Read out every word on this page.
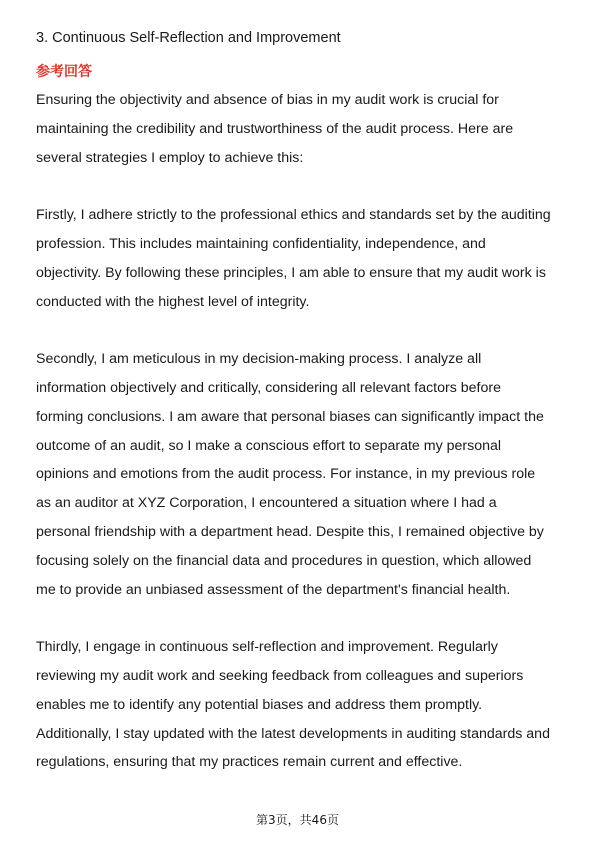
3. Continuous Self-Reflection and Improvement
参考回答
Ensuring the objectivity and absence of bias in my audit work is crucial for
maintaining the credibility and trustworthiness of the audit process. Here are
several strategies I employ to achieve this:
Firstly, I adhere strictly to the professional ethics and standards set by the auditing
profession. This includes maintaining confidentiality, independence, and
objectivity. By following these principles, I am able to ensure that my audit work is
conducted with the highest level of integrity.
Secondly, I am meticulous in my decision-making process. I analyze all
information objectively and critically, considering all relevant factors before
forming conclusions. I am aware that personal biases can significantly impact the
outcome of an audit, so I make a conscious effort to separate my personal
opinions and emotions from the audit process. For instance, in my previous role
as an auditor at XYZ Corporation, I encountered a situation where I had a
personal friendship with a department head. Despite this, I remained objective by
focusing solely on the financial data and procedures in question, which allowed
me to provide an unbiased assessment of the department's financial health.
Thirdly, I engage in continuous self-reflection and improvement. Regularly
reviewing my audit work and seeking feedback from colleagues and superiors
enables me to identify any potential biases and address them promptly.
Additionally, I stay updated with the latest developments in auditing standards and
regulations, ensuring that my practices remain current and effective.
第3页，共46页
